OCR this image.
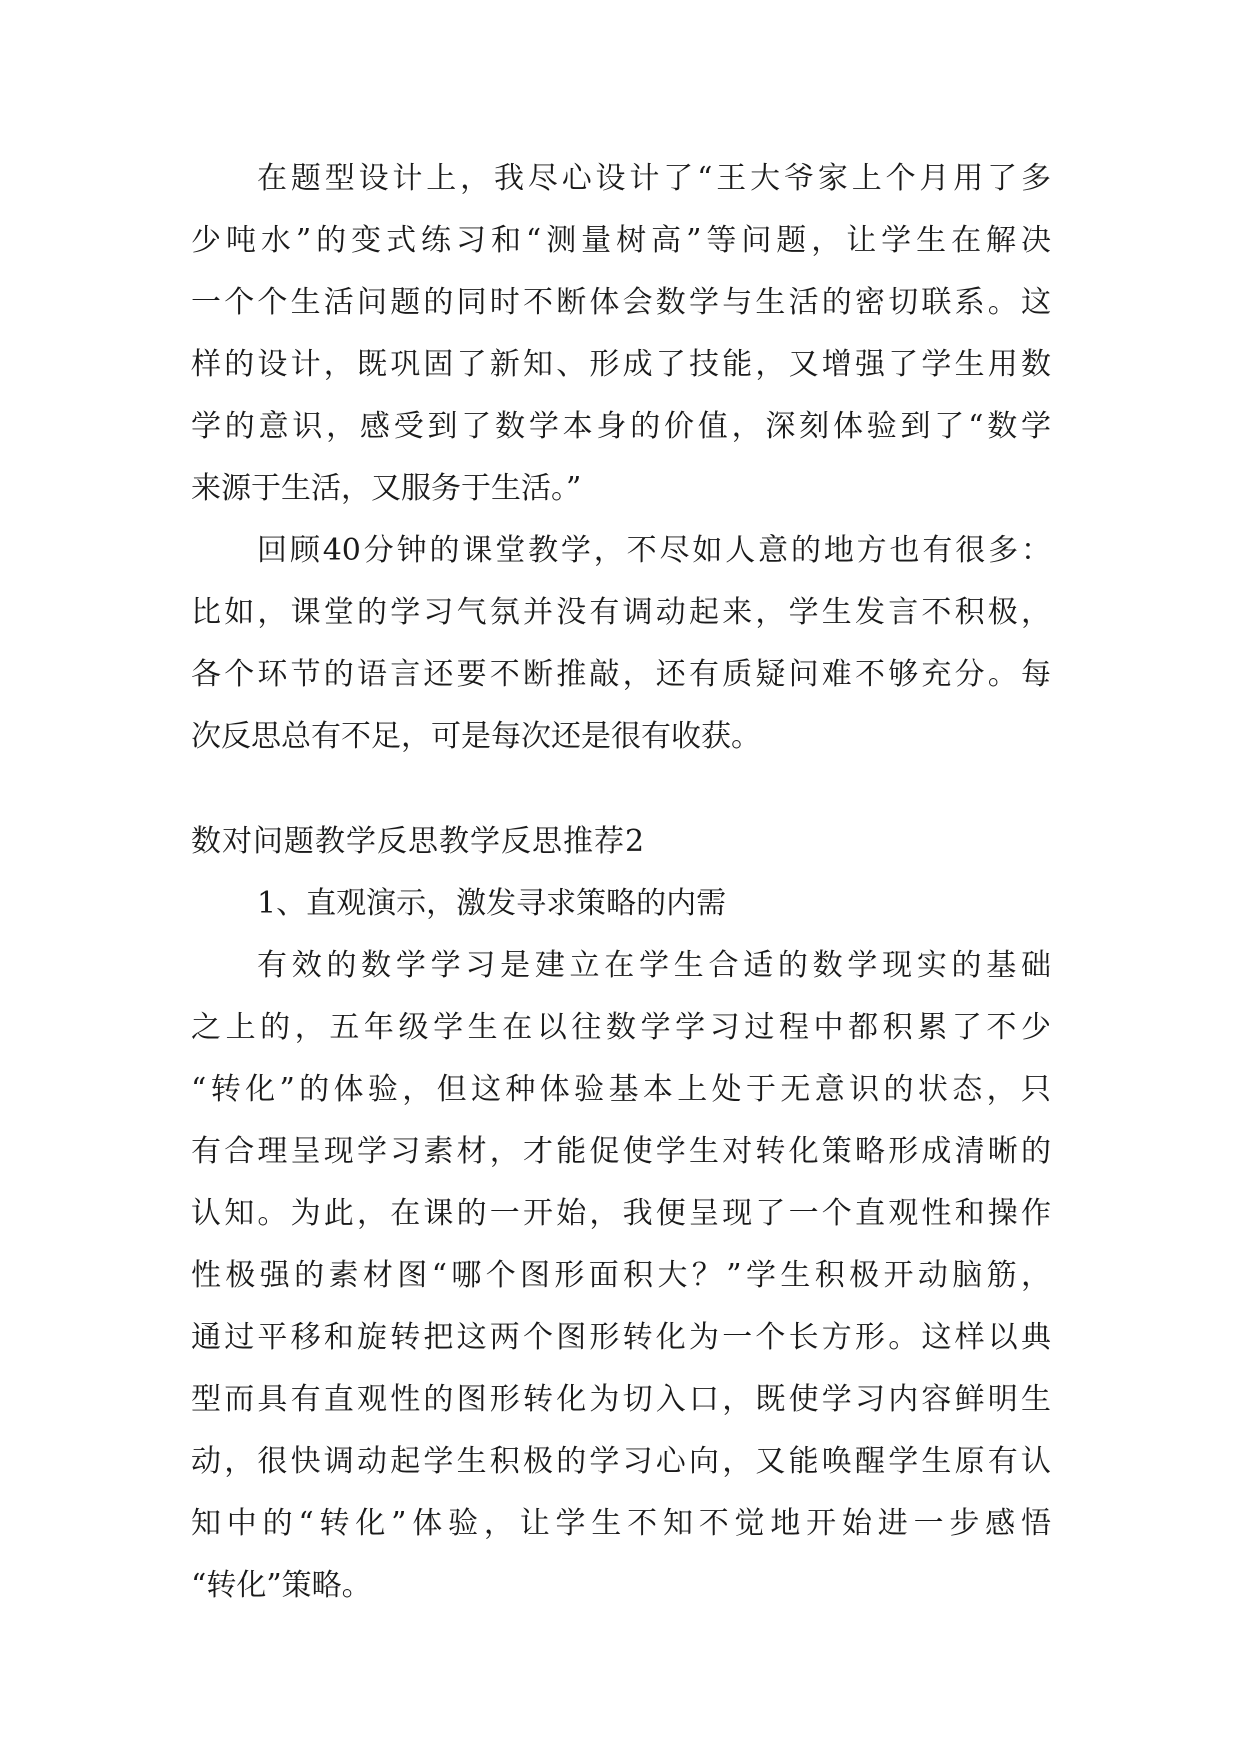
在题型设计上，我尽心设计了“王大爷家上个月用了多
少吨水”的变式练习和“测量树高”等问题，让学生在解决
一个个生活问题的同时不断体会数学与生活的密切联系。这
样的设计，既巩固了新知、形成了技能，又增强了学生用数
学的意识，感受到了数学本身的价值，深刻体验到了“数学
来源于生活，又服务于生活。”
回顾40分钟的课堂教学，不尽如人意的地方也有很多：
比如，课堂的学习气氛并没有调动起来，学生发言不积极，
各个环节的语言还要不断推敲，还有质疑问难不够充分。每
次反思总有不足，可是每次还是很有收获。
数对问题教学反思教学反思推荐2
1、直观演示，激发寻求策略的内需
有效的数学学习是建立在学生合适的数学现实的基础
之上的，五年级学生在以往数学学习过程中都积累了不少
“转化”的体验，但这种体验基本上处于无意识的状态，只
有合理呈现学习素材，才能促使学生对转化策略形成清晰的
认知。为此，在课的一开始，我便呈现了一个直观性和操作
性极强的素材图“哪个图形面积大？”学生积极开动脑筋，
通过平移和旋转把这两个图形转化为一个长方形。这样以典
型而具有直观性的图形转化为切入口，既使学习内容鲜明生
动，很快调动起学生积极的学习心向，又能唤醒学生原有认
知中的“转化”体验，让学生不知不觉地开始进一步感悟
“转化”策略。
